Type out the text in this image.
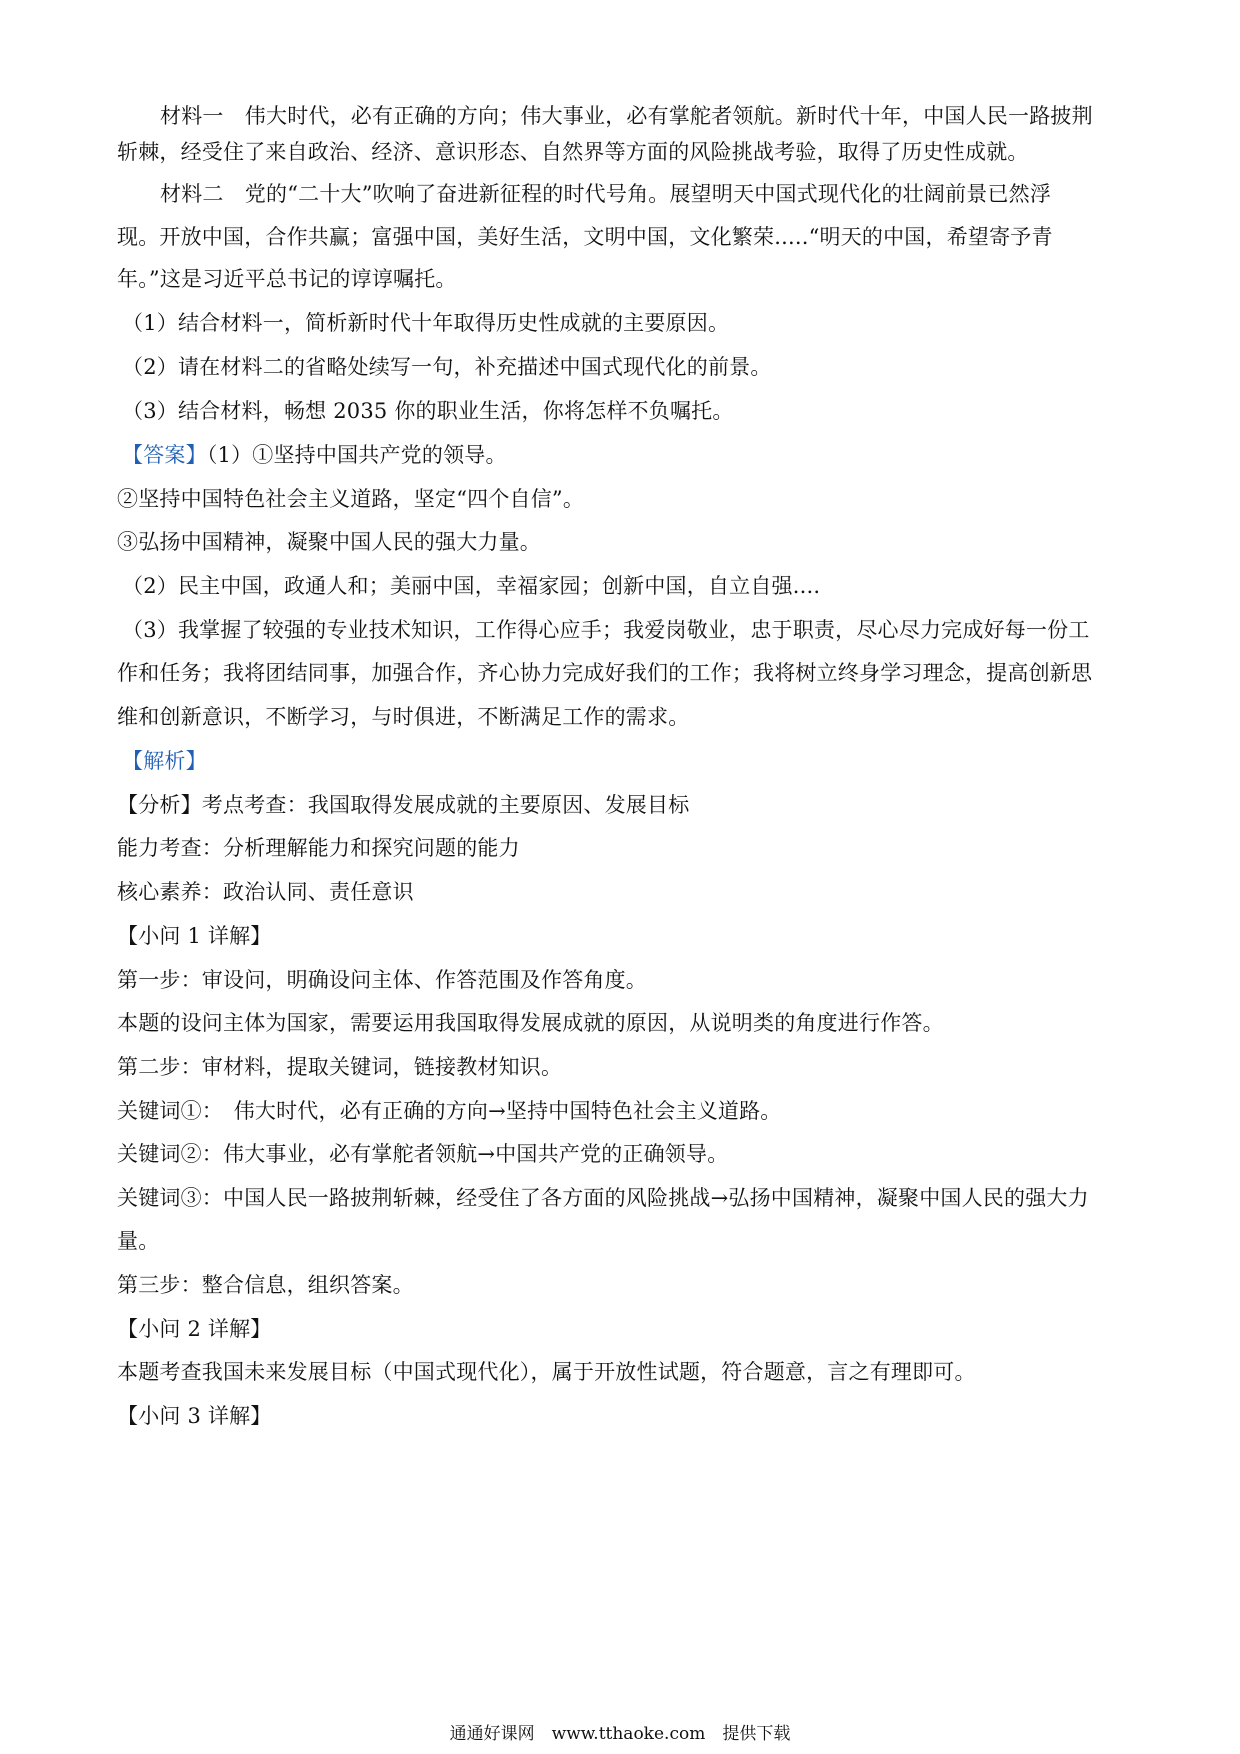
材料一　伟大时代，必有正确的方向；伟大事业，必有掌舵者领航。新时代十年，中国人民一路披荆
斩棘，经受住了来自政治、经济、意识形态、自然界等方面的风险挑战考验，取得了历史性成就。
材料二　党的“二十大”吹响了奋进新征程的时代号角。展望明天中国式现代化的壮阔前景已然浮
现。开放中国，合作共赢；富强中国，美好生活，文明中国，文化繁荣.....“明天的中国，希望寄予青
年。”这是习近平总书记的谆谆嘱托。
（1）结合材料一，简析新时代十年取得历史性成就的主要原因。
（2）请在材料二的省略处续写一句，补充描述中国式现代化的前景。
（3）结合材料，畅想 2035 你的职业生活，你将怎样不负嘱托。
【答案】（1）①坚持中国共产党的领导。
②坚持中国特色社会主义道路，坚定“四个自信”。
③弘扬中国精神，凝聚中国人民的强大力量。
（2）民主中国，政通人和；美丽中国，幸福家园；创新中国，自立自强....
（3）我掌握了较强的专业技术知识，工作得心应手；我爱岗敬业，忠于职责，尽心尽力完成好每一份工
作和任务；我将团结同事，加强合作，齐心协力完成好我们的工作；我将树立终身学习理念，提高创新思
维和创新意识，不断学习，与时俱进，不断满足工作的需求。
【解析】
【分析】考点考查：我国取得发展成就的主要原因、发展目标
能力考查：分析理解能力和探究问题的能力
核心素养：政治认同、责任意识
【小问 1 详解】
第一步：审设问，明确设问主体、作答范围及作答角度。
本题的设问主体为国家，需要运用我国取得发展成就的原因，从说明类的角度进行作答。
第二步：审材料，提取关键词，链接教材知识。
关键词①：　伟大时代，必有正确的方向→坚持中国特色社会主义道路。
关键词②：伟大事业，必有掌舵者领航→中国共产党的正确领导。
关键词③：中国人民一路披荆斩棘，经受住了各方面的风险挑战→弘扬中国精神，凝聚中国人民的强大力
量。
第三步：整合信息，组织答案。
【小问 2 详解】
本题考查我国未来发展目标（中国式现代化），属于开放性试题，符合题意，言之有理即可。
【小问 3 详解】
通通好课网　www.tthaoke.com　提供下载
